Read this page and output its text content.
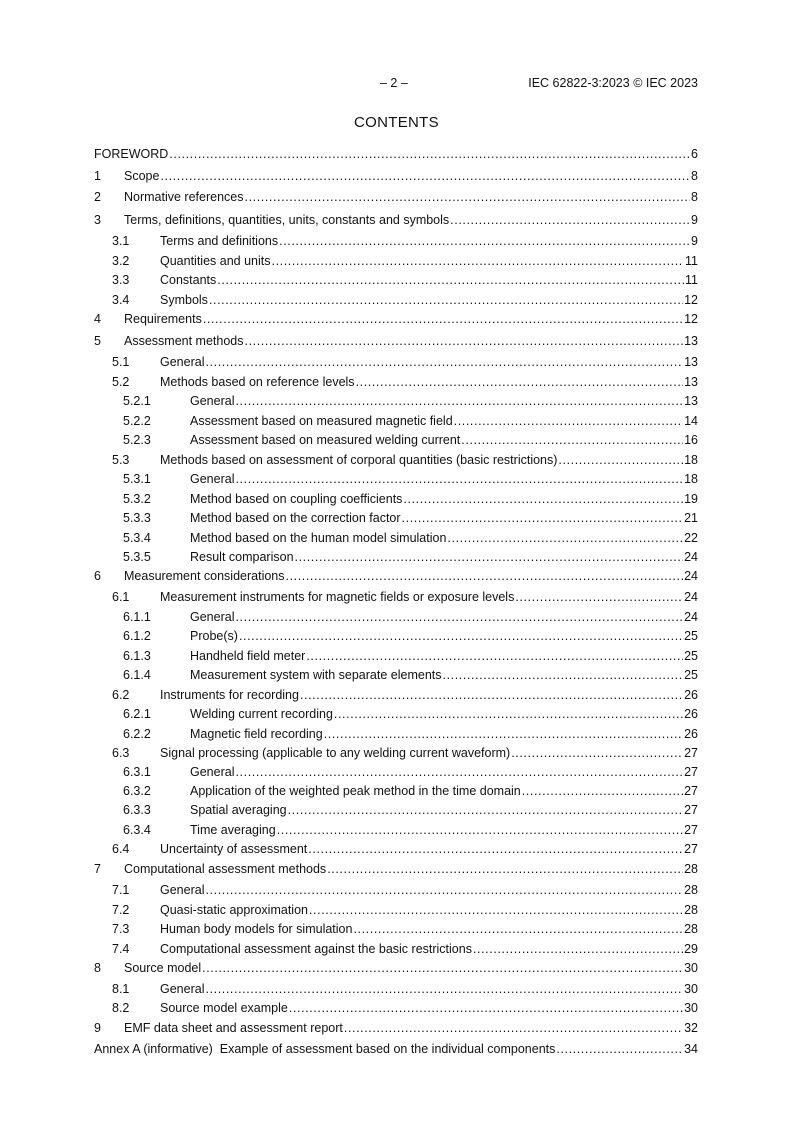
– 2 –	IEC 62822-3:2023 © IEC 2023
CONTENTS
FOREWORD .....	6
1	Scope .....	8
2	Normative references .....	8
3	Terms, definitions, quantities, units, constants and symbols .....	9
3.1	Terms and definitions .....	9
3.2	Quantities and units .....	11
3.3	Constants .....	11
3.4	Symbols .....	12
4	Requirements .....	12
5	Assessment methods .....	13
5.1	General .....	13
5.2	Methods based on reference levels .....	13
5.2.1	General .....	13
5.2.2	Assessment based on measured magnetic field .....	14
5.2.3	Assessment based on measured welding current .....	16
5.3	Methods based on assessment of corporal quantities (basic restrictions) .....	18
5.3.1	General .....	18
5.3.2	Method based on coupling coefficients .....	19
5.3.3	Method based on the correction factor .....	21
5.3.4	Method based on the human model simulation .....	22
5.3.5	Result comparison .....	24
6	Measurement considerations .....	24
6.1	Measurement instruments for magnetic fields or exposure levels .....	24
6.1.1	General .....	24
6.1.2	Probe(s) .....	25
6.1.3	Handheld field meter .....	25
6.1.4	Measurement system with separate elements .....	25
6.2	Instruments for recording .....	26
6.2.1	Welding current recording .....	26
6.2.2	Magnetic field recording .....	26
6.3	Signal processing (applicable to any welding current waveform) .....	27
6.3.1	General .....	27
6.3.2	Application of the weighted peak method in the time domain .....	27
6.3.3	Spatial averaging .....	27
6.3.4	Time averaging .....	27
6.4	Uncertainty of assessment .....	27
7	Computational assessment methods .....	28
7.1	General .....	28
7.2	Quasi-static approximation .....	28
7.3	Human body models for simulation .....	28
7.4	Computational assessment against the basic restrictions .....	29
8	Source model .....	30
8.1	General .....	30
8.2	Source model example .....	30
9	EMF data sheet and assessment report .....	32
Annex A (informative)  Example of assessment based on the individual components .....	34
